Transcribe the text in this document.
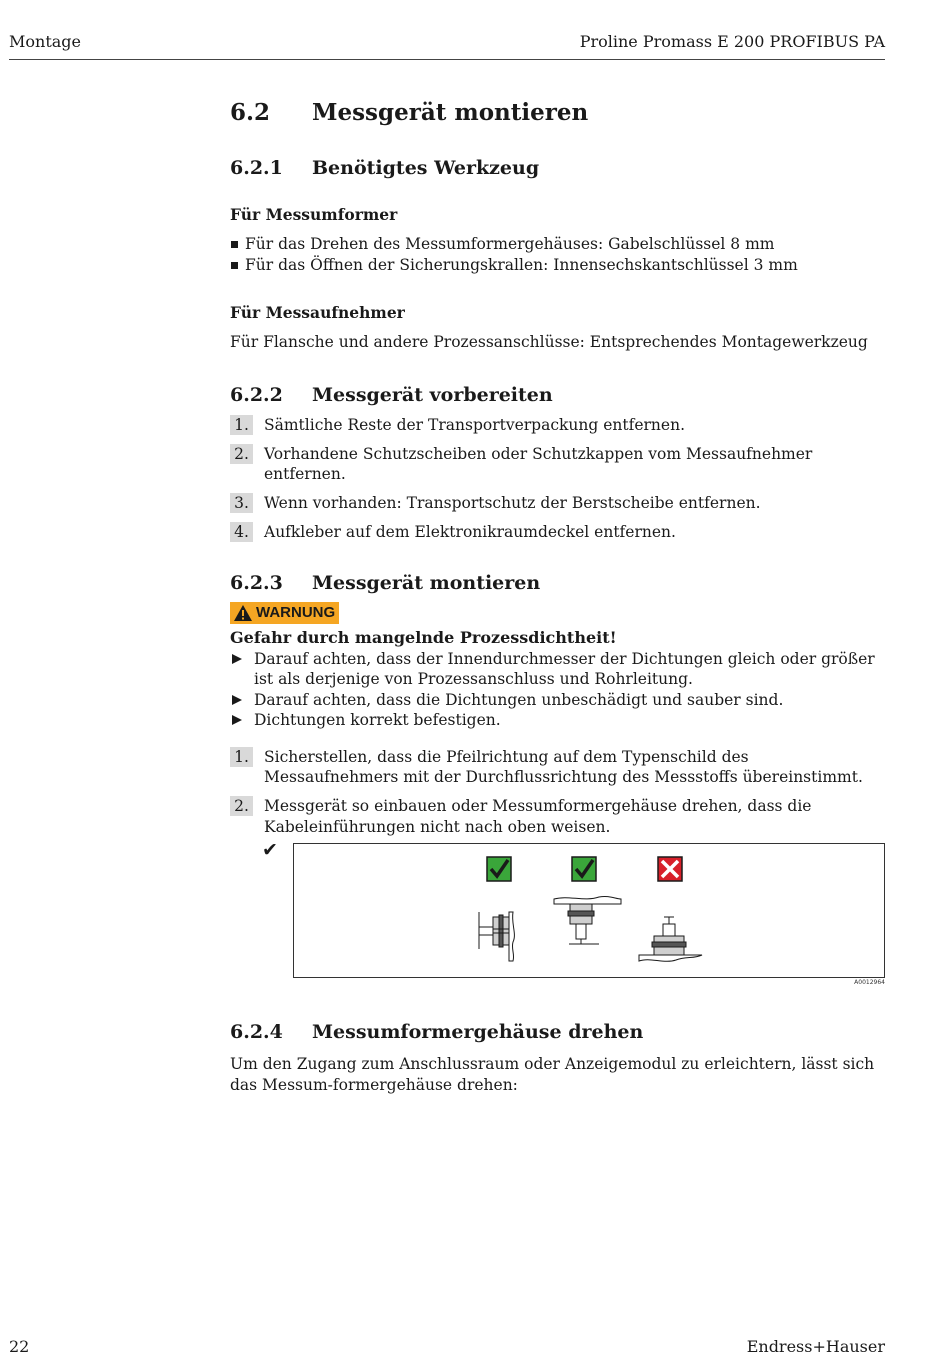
Montage	Proline Promass E 200 PROFIBUS PA
6.2 Messgerät montieren
6.2.1 Benötigtes Werkzeug
Für Messumformer
Für das Drehen des Messumformergehäuses: Gabelschlüssel 8 mm
Für das Öffnen der Sicherungskrallen: Innensechskantschlüssel 3 mm
Für Messaufnehmer

Für Flansche und andere Prozessanschlüsse: Entsprechendes Montagewerkzeug

6.2.2 Messgerät vorbereiten
1. Sämtliche Reste der Transportverpackung entfernen.
2. Vorhandene Schutzscheiben oder Schutzkappen vom Messaufnehmer entfernen.
3. Wenn vorhanden: Transportschutz der Berstscheibe entfernen.
4. Aufkleber auf dem Elektronikraumdeckel entfernen.
6.2.3 Messgerät montieren
WARNUNG
Gefahr durch mangelnde Prozessdichtheit!
Darauf achten, dass der Innendurchmesser der Dichtungen gleich oder größer ist als derjenige von Prozessanschluss und Rohrleitung.
Darauf achten, dass die Dichtungen unbeschädigt und sauber sind.
Dichtungen korrekt befestigen.
1. Sicherstellen, dass die Pfeilrichtung auf dem Typenschild des Messaufnehmers mit der Durchflussrichtung des Messstoffs übereinstimmt.
2. Messgerät so einbauen oder Messumformergehäuse drehen, dass die Kabeleinführungen nicht nach oben weisen.
✔
A0012964
6.2.4 Messumformergehäuse drehen

Um den Zugang zum Anschlussraum oder Anzeigemodul zu erleichtern, lässt sich das Messum-formergehäuse drehen:

22	Endress+Hauser
